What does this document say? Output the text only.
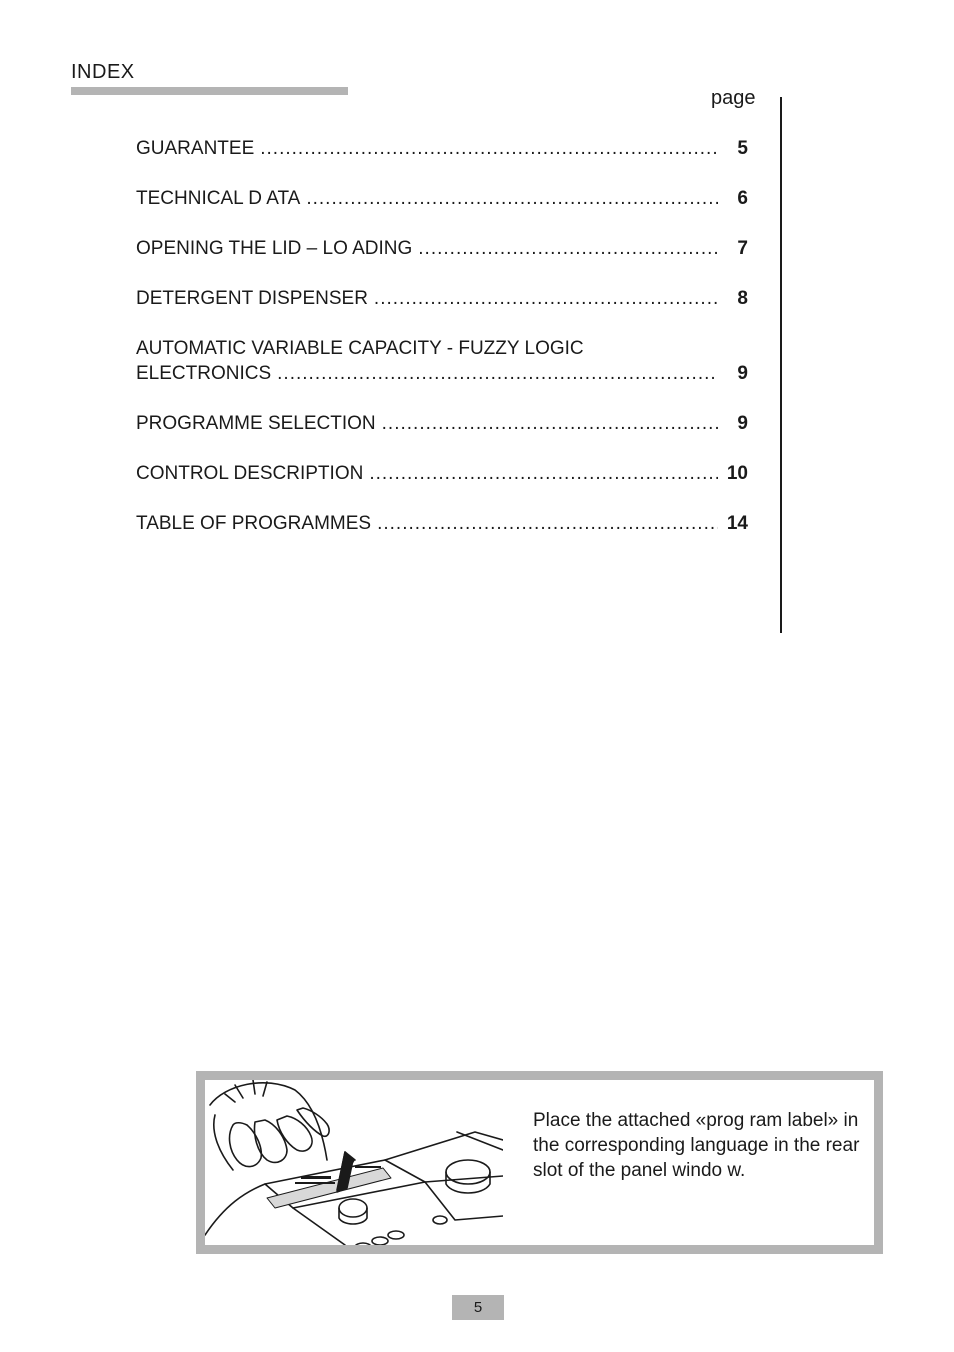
INDEX
page
GUARANTEE .....	5
TECHNICAL D ATA .....	6
OPENING THE LID – LO ADING .....	7
DETERGENT DISPENSER .....	8
AUTOMATIC VARIABLE CAPACITY - FUZZY LOGIC
ELECTRONICS .....	9
PROGRAMME SELECTION .....	9
CONTROL DESCRIPTION .....	10
TABLE OF PROGRAMMES .....	14
Place the attached «prog ram label» in the corresponding language in the rear slot of the panel windo w.
5
